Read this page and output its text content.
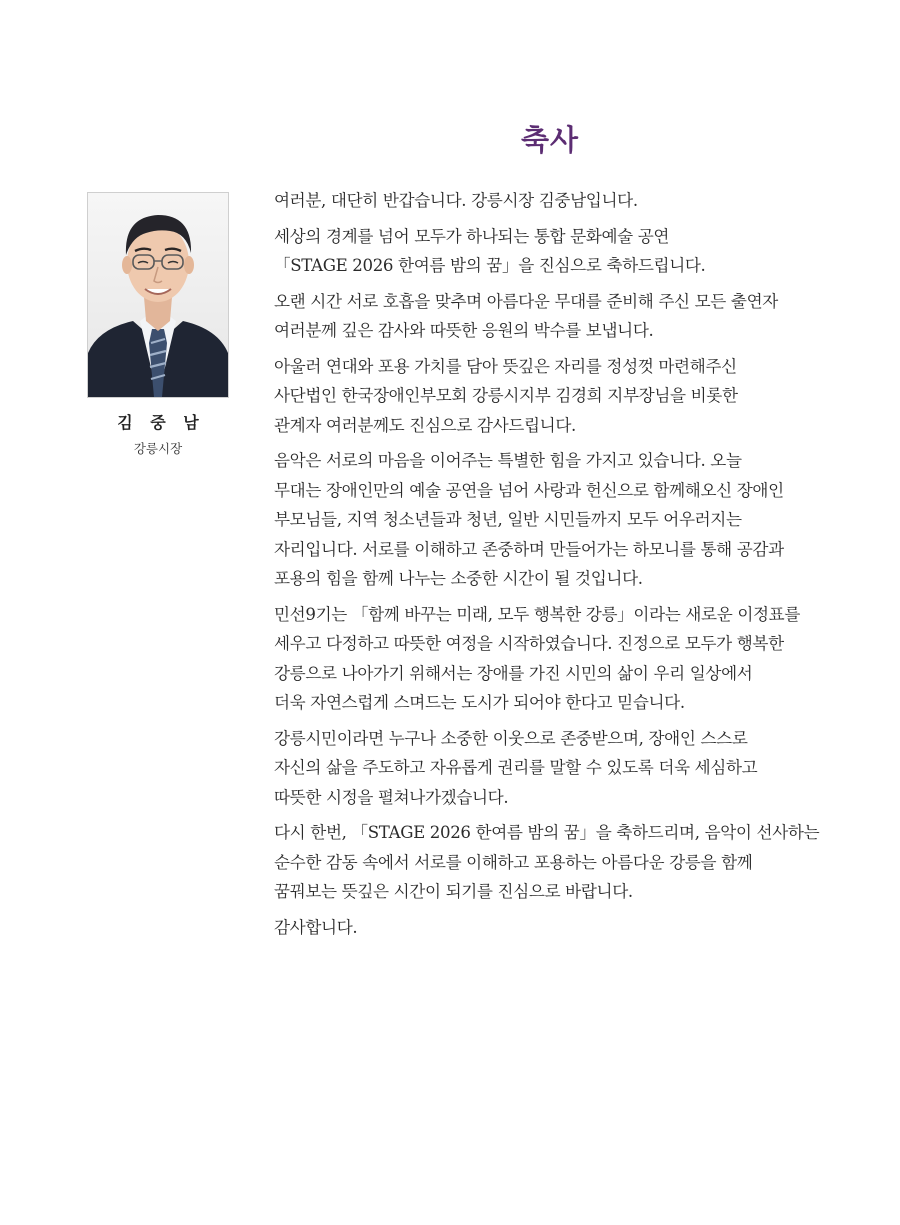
축사
김 중 남
강릉시장

여러분, 대단히 반갑습니다. 강릉시장 김중남입니다.

세상의 경계를 넘어 모두가 하나되는 통합 문화예술 공연
「STAGE 2026 한여름 밤의 꿈」을 진심으로 축하드립니다.

오랜 시간 서로 호흡을 맞추며 아름다운 무대를 준비해 주신 모든 출연자
여러분께 깊은 감사와 따뜻한 응원의 박수를 보냅니다.

아울러 연대와 포용 가치를 담아 뜻깊은 자리를 정성껏 마련해주신
사단법인 한국장애인부모회 강릉시지부 김경희 지부장님을 비롯한
관계자 여러분께도 진심으로 감사드립니다.

음악은 서로의 마음을 이어주는 특별한 힘을 가지고 있습니다. 오늘
무대는 장애인만의 예술 공연을 넘어 사랑과 헌신으로 함께해오신 장애인
부모님들, 지역 청소년들과 청년, 일반 시민들까지 모두 어우러지는
자리입니다. 서로를 이해하고 존중하며 만들어가는 하모니를 통해 공감과
포용의 힘을 함께 나누는 소중한 시간이 될 것입니다.

민선9기는 「함께 바꾸는 미래, 모두 행복한 강릉」이라는 새로운 이정표를
세우고 다정하고 따뜻한 여정을 시작하였습니다. 진정으로 모두가 행복한
강릉으로 나아가기 위해서는 장애를 가진 시민의 삶이 우리 일상에서
더욱 자연스럽게 스며드는 도시가 되어야 한다고 믿습니다.

강릉시민이라면 누구나 소중한 이웃으로 존중받으며, 장애인 스스로
자신의 삶을 주도하고 자유롭게 권리를 말할 수 있도록 더욱 세심하고
따뜻한 시정을 펼쳐나가겠습니다.

다시 한번, 「STAGE 2026 한여름 밤의 꿈」을 축하드리며, 음악이 선사하는
순수한 감동 속에서 서로를 이해하고 포용하는 아름다운 강릉을 함께
꿈꿔보는 뜻깊은 시간이 되기를 진심으로 바랍니다.

감사합니다.
